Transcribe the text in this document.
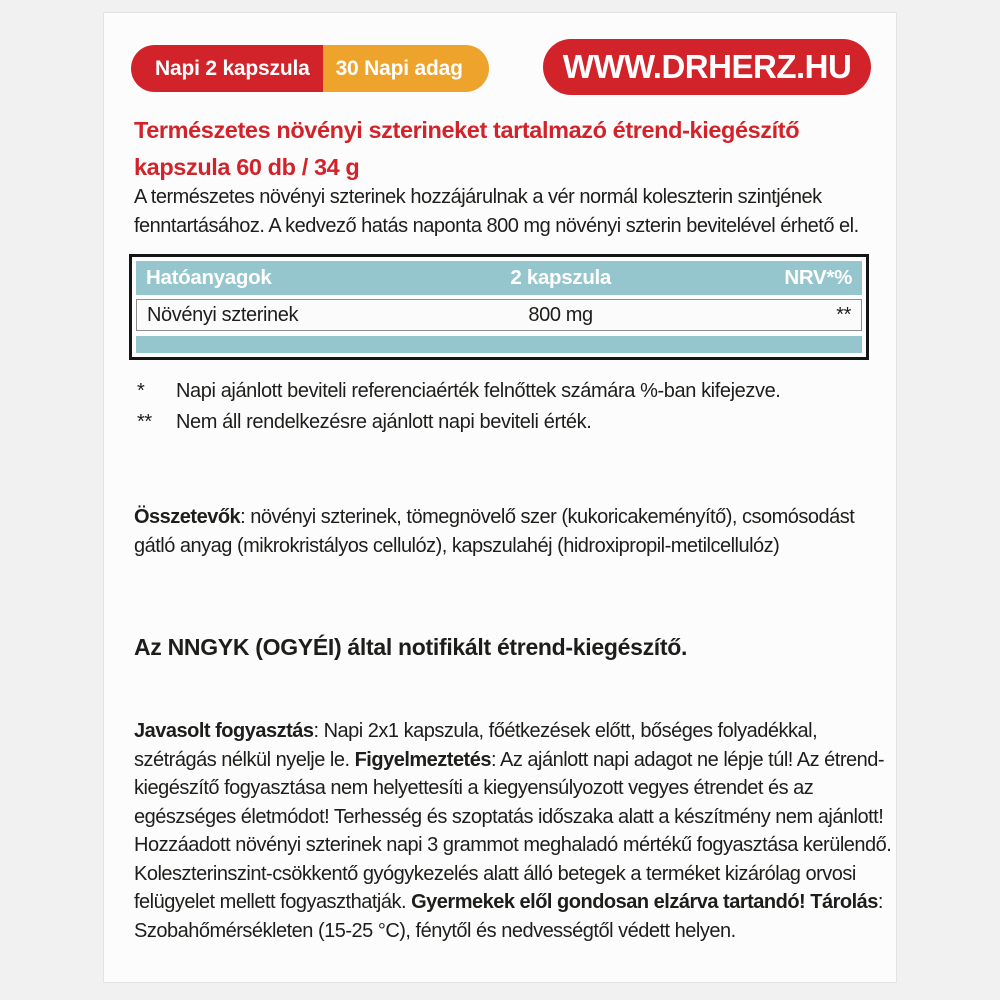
Napi 2 kapszula	30 Napi adag	WWW.DRHERZ.HU
Természetes növényi szterineket tartalmazó étrend-kiegészítő kapszula 60 db / 34 g
A természetes növényi szterinek hozzájárulnak a vér normál koleszterin szintjének fenntartásához. A kedvező hatás naponta 800 mg növényi szterin bevitelével érhető el.
Hatóanyagok	2 kapszula	NRV*%
Növényi szterinek	800 mg	**
*	Napi ajánlott beviteli referenciaérték felnőttek számára %-ban kifejezve.
**	Nem áll rendelkezésre ajánlott napi beviteli érték.
Összetevők: növényi szterinek, tömegnövelő szer (kukoricakeményítő), csomósodást gátló anyag (mikrokristályos cellulóz), kapszulahéj (hidroxipropil-metilcellulóz)
Az NNGYK (OGYÉI) által notifikált étrend-kiegészítő.
Javasolt fogyasztás: Napi 2x1 kapszula, főétkezések előtt, bőséges folyadékkal, szétrágás nélkül nyelje le. Figyelmeztetés: Az ajánlott napi adagot ne lépje túl! Az étrend-kiegészítő fogyasztása nem helyettesíti a kiegyensúlyozott vegyes étrendet és az egészséges életmódot! Terhesség és szoptatás időszaka alatt a készítmény nem ajánlott! Hozzáadott növényi szterinek napi 3 grammot meghaladó mértékű fogyasztása kerülendő. Koleszterinszint-csökkentő gyógykezelés alatt álló betegek a terméket kizárólag orvosi felügyelet mellett fogyaszthatják. Gyermekek elől gondosan elzárva tartandó! Tárolás: Szobahőmérsékleten (15-25 °C), fénytől és nedvességtől védett helyen.
